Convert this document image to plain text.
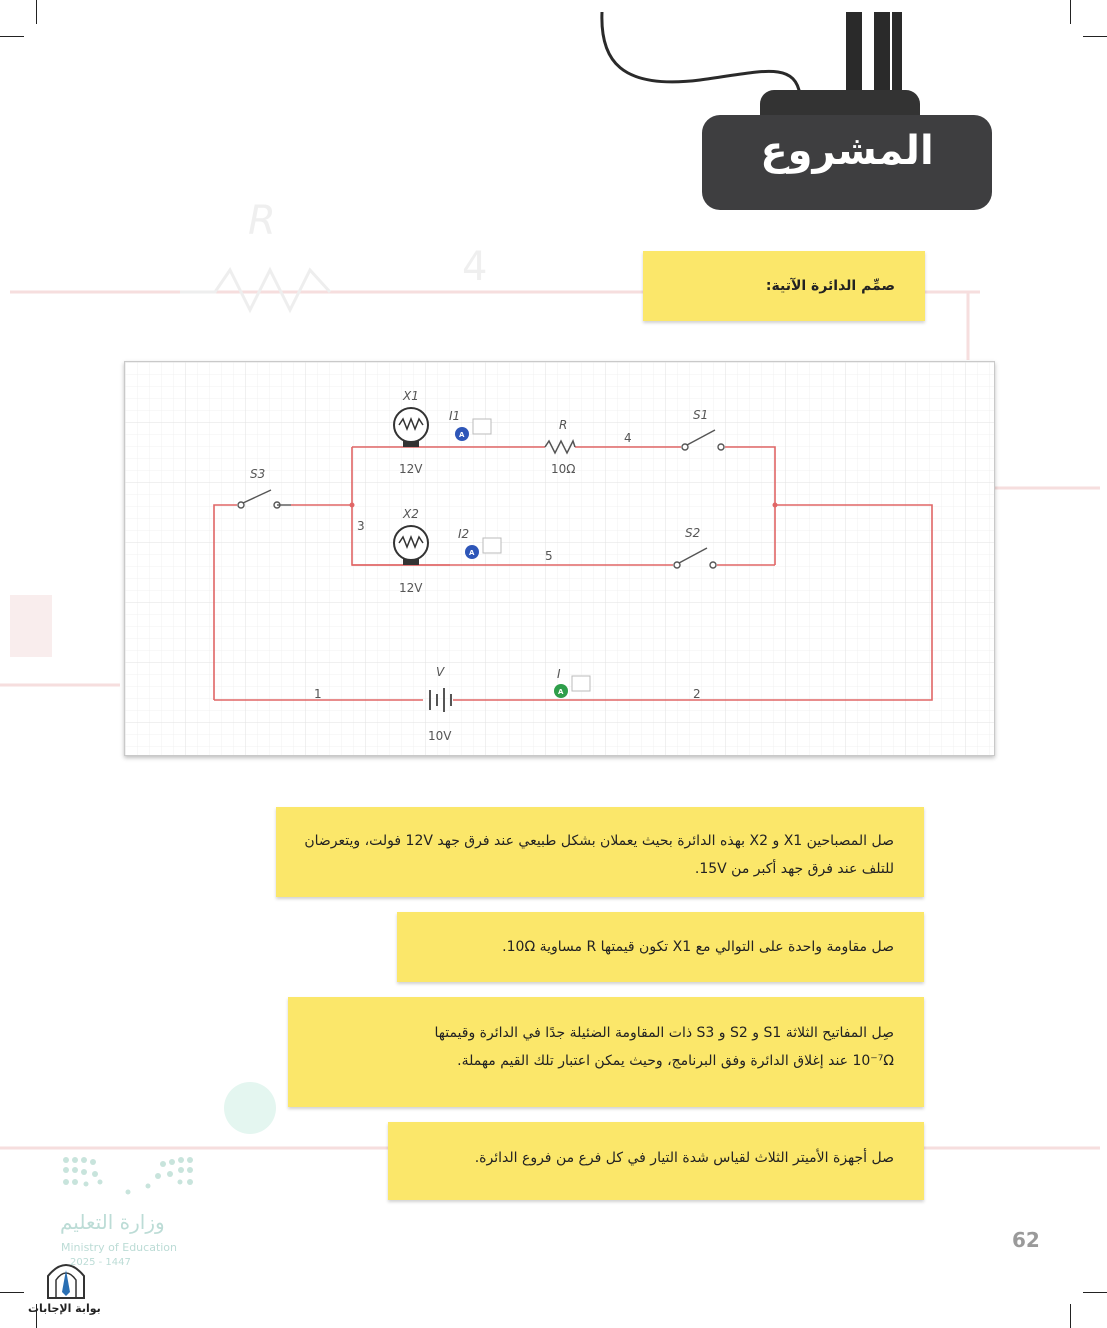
R
4
المشروع
صمِّم الدائرة الآتية:
X1
12V
X2
12V
I1
I2
I
R
10Ω
S1
S2
S3
V
10V
1	2
3
4
5
A
A
A
صل المصباحين X1 و X2 بهذه الدائرة بحيث يعملان بشكل طبيعي عند فرق جهد 12V فولت، ويتعرضان
للتلف عند فرق جهد أكبر من 15V.
صل مقاومة واحدة على التوالي مع X1 تكون قيمتها R مساوية 10Ω.
صِل المفاتيح الثلاثة S1 و S2 و S3 ذات المقاومة الضئيلة جدًا في الدائرة وقيمتها
10⁻⁷Ω عند إغلاق الدائرة وفق البرنامج، وحيث يمكن اعتبار تلك القيم مهملة.
صل أجهزة الأميتر الثلاث لقياس شدة التيار في كل فرع من فروع الدائرة.
وزارة التعليم
Ministry of Education
2025 - 1447
بوابة الإجابات
62
